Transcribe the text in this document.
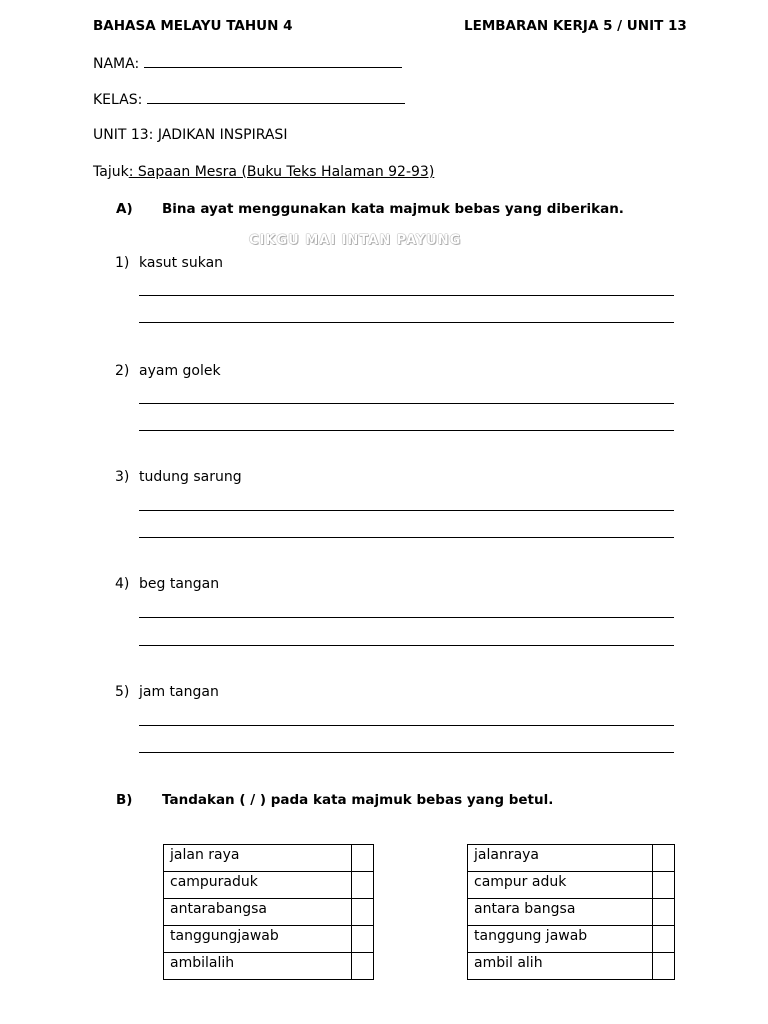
BAHASA MELAYU TAHUN 4	LEMBARAN KERJA 5 / UNIT 13
NAMA:
KELAS:
UNIT 13: JADIKAN INSPIRASI
Tajuk: Sapaan Mesra (Buku Teks Halaman 92-93)
A) Bina ayat menggunakan kata majmuk bebas yang diberikan.
CIKGU MAI INTAN PAYUNG
1) kasut sukan
2) ayam golek
3) tudung sarung
4) beg tangan
5) jam tangan
B) Tandakan ( / ) pada kata majmuk bebas yang betul.
jalan raya	
campuraduk	
antarabangsa	
tanggungjawab	
ambilalih	
jalanraya	
campur aduk	
antara bangsa	
tanggung jawab	
ambil alih	
